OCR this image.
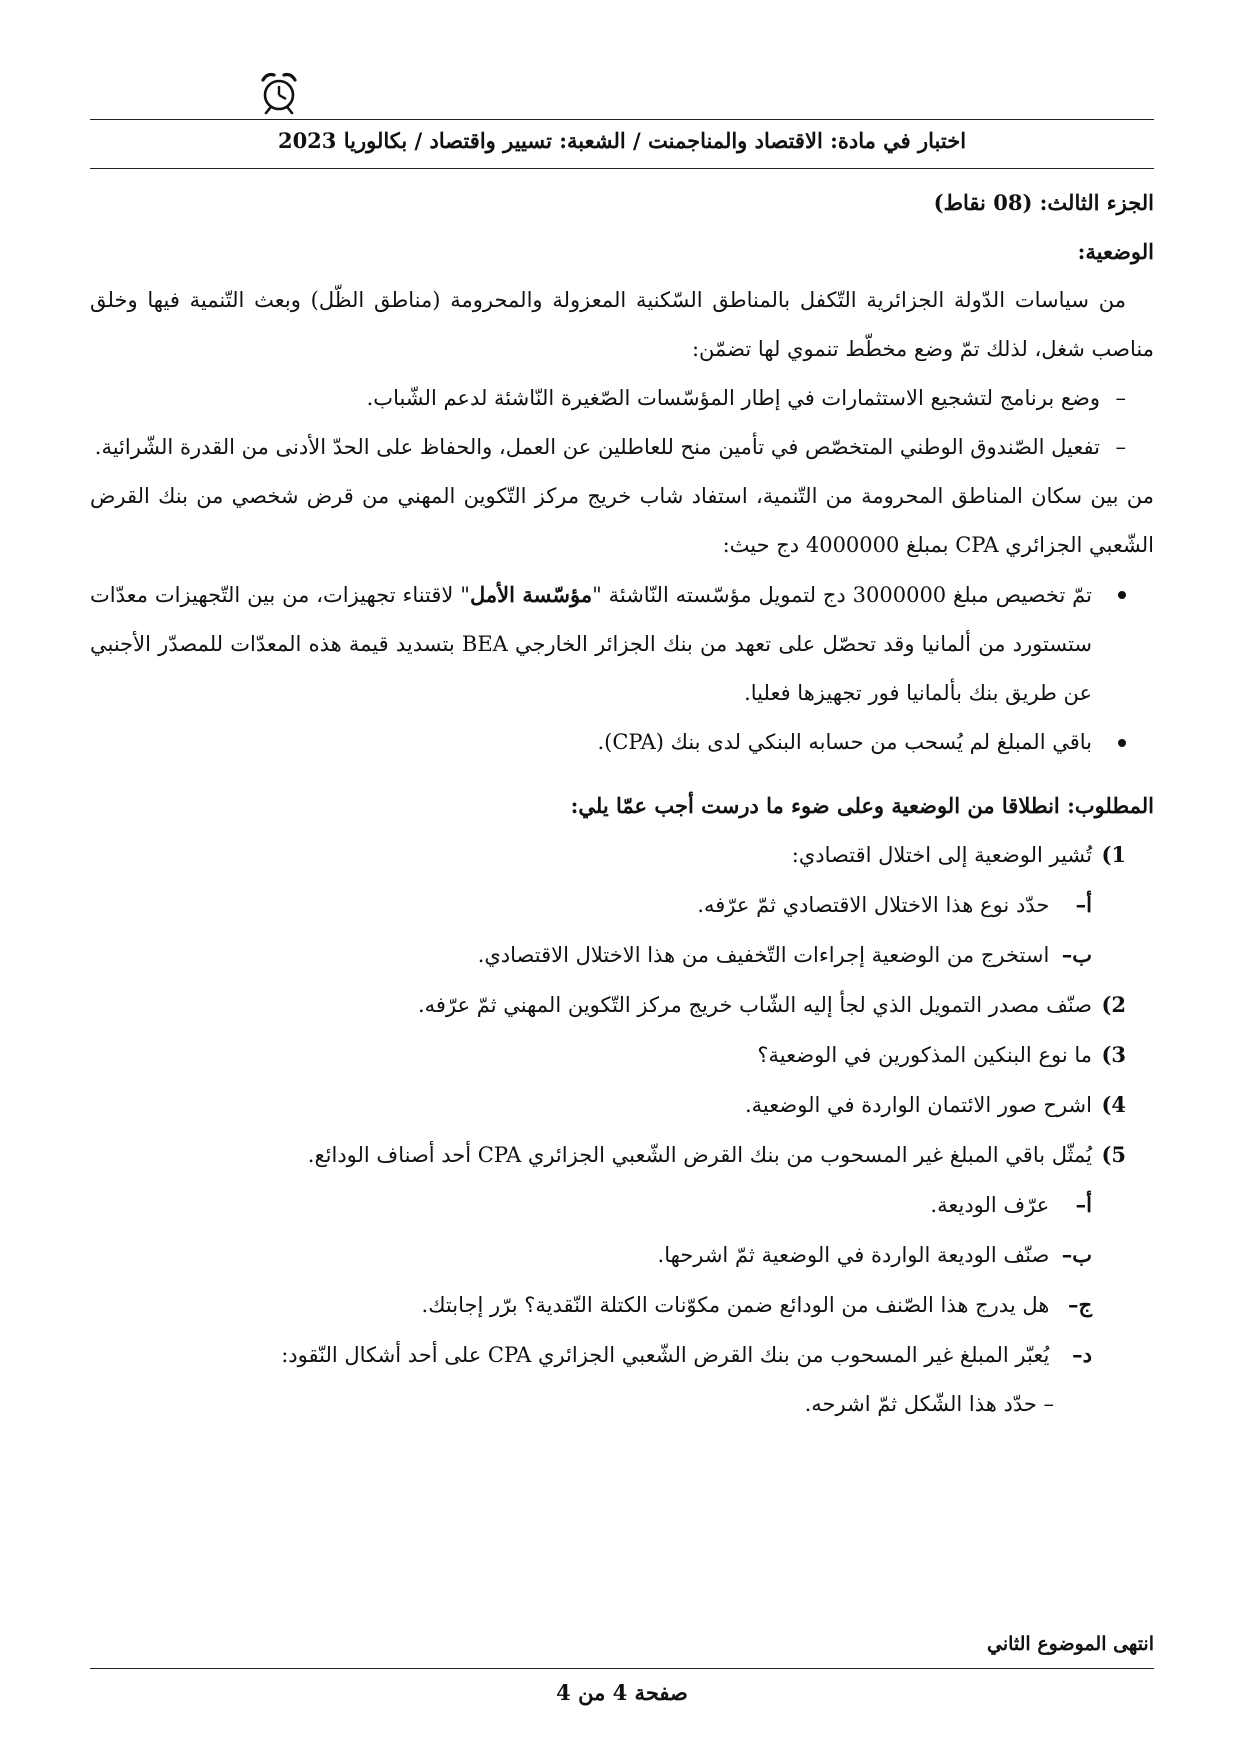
اختبار في مادة: الاقتصاد والمناجمنت / الشعبة: تسيير واقتصاد / بكالوريا 2023

الجزء الثالث: (08 نقاط)

الوضعية:

من سياسات الدّولة الجزائرية التّكفل بالمناطق السّكنية المعزولة والمحرومة (مناطق الظّل) وبعث التّنمية فيها وخلق مناصب شغل، لذلك تمّ وضع مخطّط تنموي لها تضمّن:

–وضع برنامج لتشجيع الاستثمارات في إطار المؤسّسات الصّغيرة النّاشئة لدعم الشّباب.

–تفعيل الصّندوق الوطني المتخصّص في تأمين منح للعاطلين عن العمل، والحفاظ على الحدّ الأدنى من القدرة الشّرائية.

من بين سكان المناطق المحرومة من التّنمية، استفاد شاب خريج مركز التّكوين المهني من قرض شخصي من بنك القرض الشّعبي الجزائري CPA بمبلغ 4000000 دج حيث:

تمّ تخصيص مبلغ 3000000 دج لتمويل مؤسّسته النّاشئة "مؤسّسة الأمل" لاقتناء تجهيزات، من بين التّجهيزات معدّات ستستورد من ألمانيا وقد تحصّل على تعهد من بنك الجزائر الخارجي BEA بتسديد قيمة هذه المعدّات للمصدّر الأجنبي عن طريق بنك بألمانيا فور تجهيزها فعليا.
باقي المبلغ لم يُسحب من حسابه البنكي لدى بنك (CPA).

المطلوب: انطلاقا من الوضعية وعلى ضوء ما درست أجب عمّا يلي:

1)تُشير الوضعية إلى اختلال اقتصادي:

أ– حدّد نوع هذا الاختلال الاقتصادي ثمّ عرّفه.

ب– استخرج من الوضعية إجراءات التّخفيف من هذا الاختلال الاقتصادي.

2)صنّف مصدر التمويل الذي لجأ إليه الشّاب خريج مركز التّكوين المهني ثمّ عرّفه.

3)ما نوع البنكين المذكورين في الوضعية؟

4)اشرح صور الائتمان الواردة في الوضعية.

5)يُمثّل باقي المبلغ غير المسحوب من بنك القرض الشّعبي الجزائري CPA أحد أصناف الودائع.

أ– عرّف الوديعة.

ب– صنّف الوديعة الواردة في الوضعية ثمّ اشرحها.

ج– هل يدرج هذا الصّنف من الودائع ضمن مكوّنات الكتلة النّقدية؟ برّر إجابتك.

د– يُعبّر المبلغ غير المسحوب من بنك القرض الشّعبي الجزائري CPA على أحد أشكال النّقود:

– حدّد هذا الشّكل ثمّ اشرحه.

انتهى الموضوع الثاني
صفحة 4 من 4
